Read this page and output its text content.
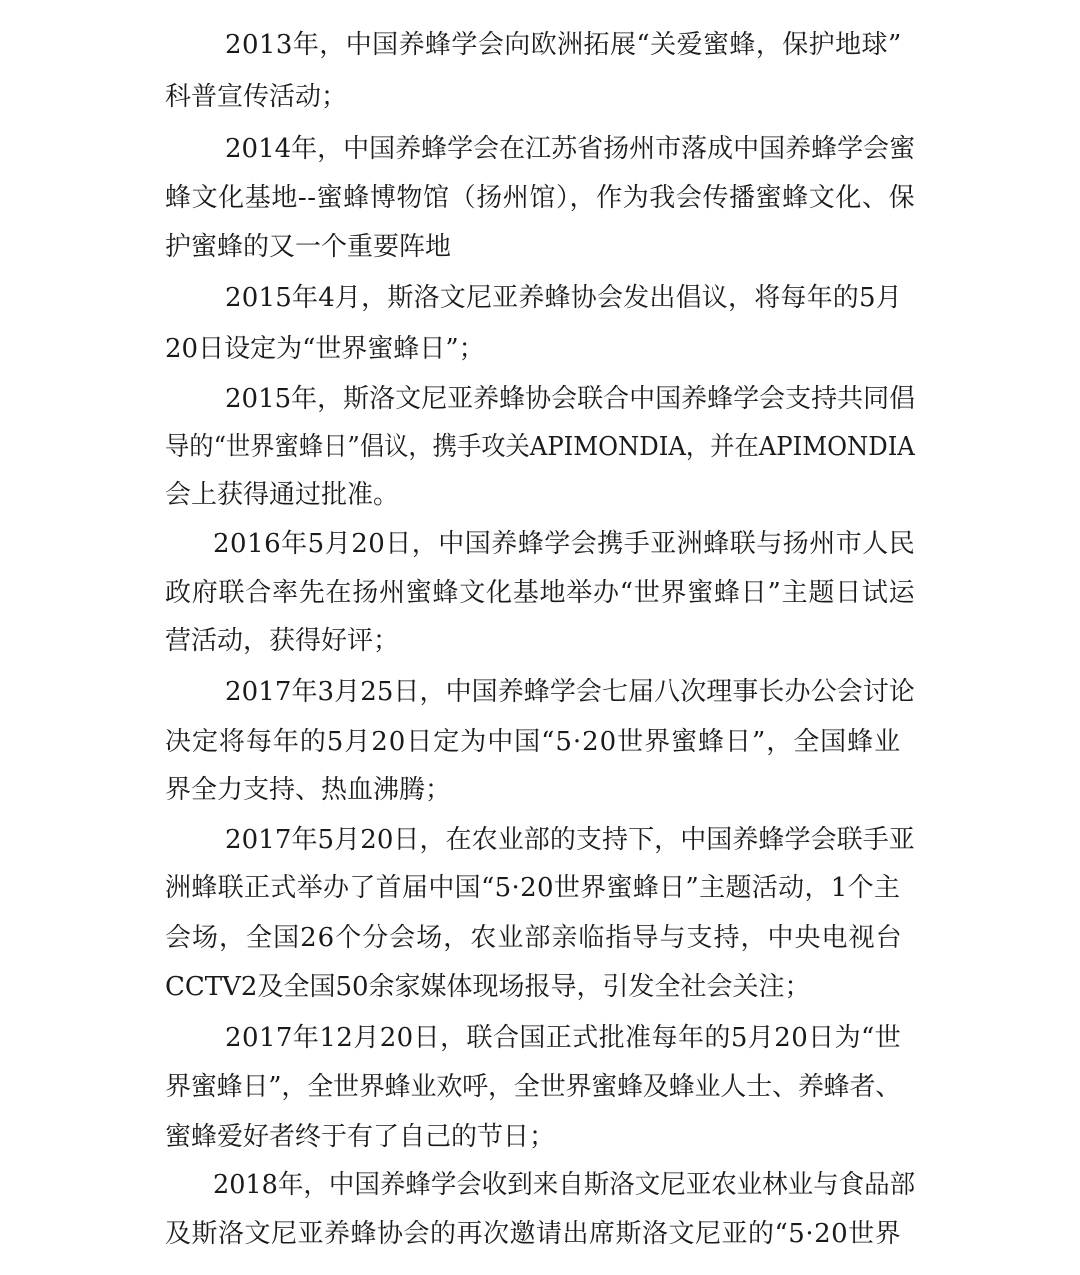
2013年，中国养蜂学会向欧洲拓展“关爱蜜蜂，保护地球”
科普宣传活动；
2014年，中国养蜂学会在江苏省扬州市落成中国养蜂学会蜜
蜂文化基地--蜜蜂博物馆（扬州馆），作为我会传播蜜蜂文化、保
护蜜蜂的又一个重要阵地
2015年4月，斯洛文尼亚养蜂协会发出倡议，将每年的5月
20日设定为“世界蜜蜂日”；
2015年，斯洛文尼亚养蜂协会联合中国养蜂学会支持共同倡
导的“世界蜜蜂日”倡议，携手攻关APIMONDIA，并在APIMONDIA
会上获得通过批准。
2016年5月20日，中国养蜂学会携手亚洲蜂联与扬州市人民
政府联合率先在扬州蜜蜂文化基地举办“世界蜜蜂日”主题日试运
营活动，获得好评；
2017年3月25日，中国养蜂学会七届八次理事长办公会讨论
决定将每年的5月20日定为中国“5·20世界蜜蜂日”，全国蜂业
界全力支持、热血沸腾；
2017年5月20日，在农业部的支持下，中国养蜂学会联手亚
洲蜂联正式举办了首届中国“5·20世界蜜蜂日”主题活动，1个主
会场，全国26个分会场，农业部亲临指导与支持，中央电视台
CCTV2及全国50余家媒体现场报导，引发全社会关注；
2017年12月20日，联合国正式批准每年的5月20日为“世
界蜜蜂日”，全世界蜂业欢呼，全世界蜜蜂及蜂业人士、养蜂者、
蜜蜂爱好者终于有了自己的节日；
2018年，中国养蜂学会收到来自斯洛文尼亚农业林业与食品部
及斯洛文尼亚养蜂协会的再次邀请出席斯洛文尼亚的“5·20世界
